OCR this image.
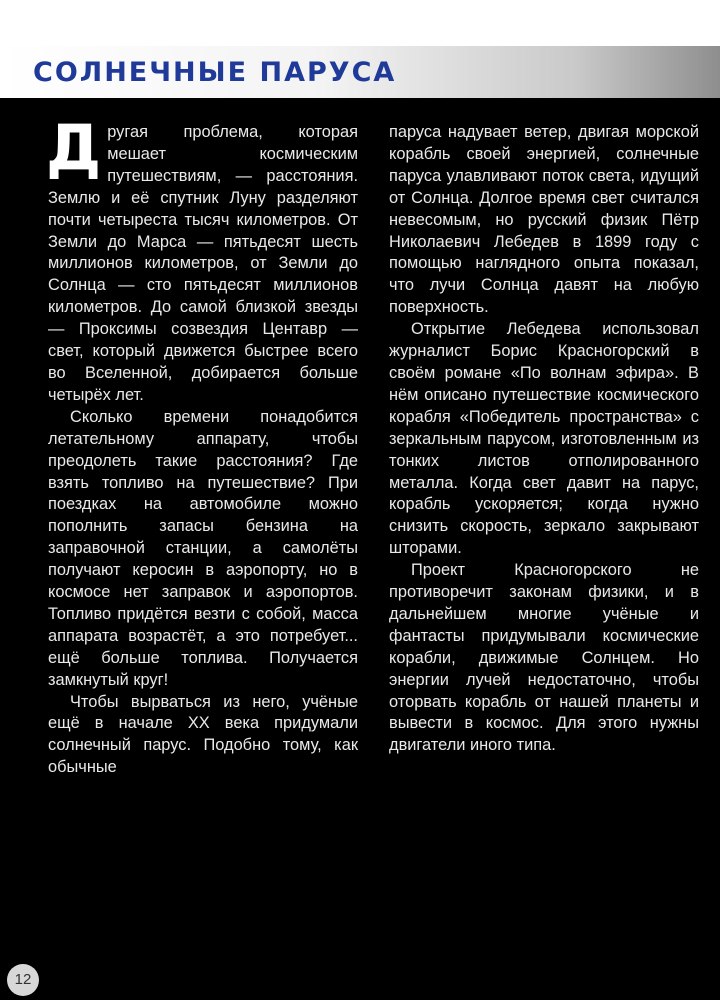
СОЛНЕЧНЫЕ ПАРУСА

Другая проблема, которая мешает космическим путешествиям, — расстояния. Землю и её спутник Луну разделяют почти четыреста тысяч километров. От Земли до Марса — пятьдесят шесть миллионов километров, от Земли до Солнца — сто пятьдесят миллионов километров. До самой близкой звезды — Проксимы созвездия Центавр — свет, который движется быстрее всего во Вселенной, добирается больше четырёх лет.

Сколько времени понадобится летательному аппарату, чтобы преодолеть такие расстояния? Где взять топливо на путешествие? При поездках на автомобиле можно пополнить запасы бензина на заправочной станции, а самолёты получают керосин в аэропорту, но в космосе нет заправок и аэропортов. Топливо придётся везти с собой, масса аппарата возрастёт, а это потребует... ещё больше топлива. Получается замкнутый круг!

Чтобы вырваться из него, учёные ещё в начале XX века придумали солнечный парус. Подобно тому, как обычные

паруса надувает ветер, двигая морской корабль своей энергией, солнечные паруса улавливают поток света, идущий от Солнца. Долгое время свет считался невесомым, но русский физик Пётр Николаевич Лебедев в 1899 году с помощью наглядного опыта показал, что лучи Солнца давят на любую поверхность.

Открытие Лебедева использовал журналист Борис Красногорский в своём романе «По волнам эфира». В нём описано путешествие космического корабля «Победитель пространства» с зеркальным парусом, изготовленным из тонких листов отполированного металла. Когда свет давит на парус, корабль ускоряется; когда нужно снизить скорость, зеркало закрывают шторами.

Проект Красногорского не противоречит законам физики, и в дальнейшем многие учёные и фантасты придумывали космические корабли, движимые Солнцем. Но энергии лучей недостаточно, чтобы оторвать корабль от нашей планеты и вывести в космос. Для этого нужны двигатели иного типа.

12
